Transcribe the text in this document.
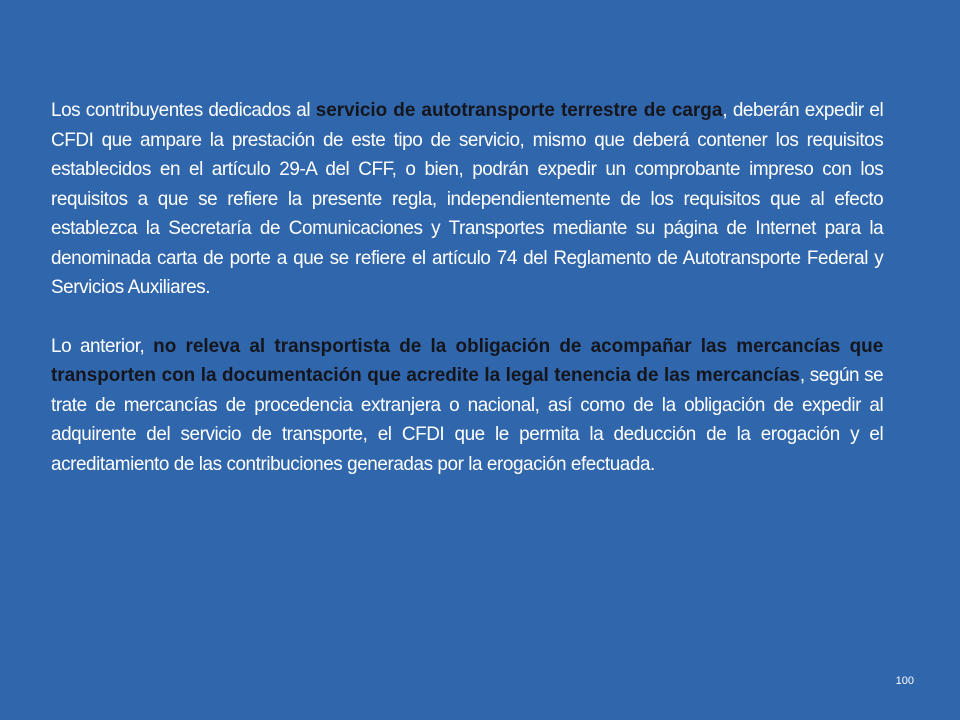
Los contribuyentes dedicados al servicio de autotransporte terrestre de carga, deberán expedir el CFDI que ampare la prestación de este tipo de servicio, mismo que deberá contener los requisitos establecidos en el artículo 29-A del CFF, o bien, podrán expedir un comprobante impreso con los requisitos a que se refiere la presente regla, independientemente de los requisitos que al efecto establezca la Secretaría de Comunicaciones y Transportes mediante su página de Internet para la denominada carta de porte a que se refiere el artículo 74 del Reglamento de Autotransporte Federal y Servicios Auxiliares.

Lo anterior, no releva al transportista de la obligación de acompañar las mercancías que transporten con la documentación que acredite la legal tenencia de las mercancías, según se trate de mercancías de procedencia extranjera o nacional, así como de la obligación de expedir al adquirente del servicio de transporte, el CFDI que le permita la deducción de la erogación y el acreditamiento de las contribuciones generadas por la erogación efectuada.

100
